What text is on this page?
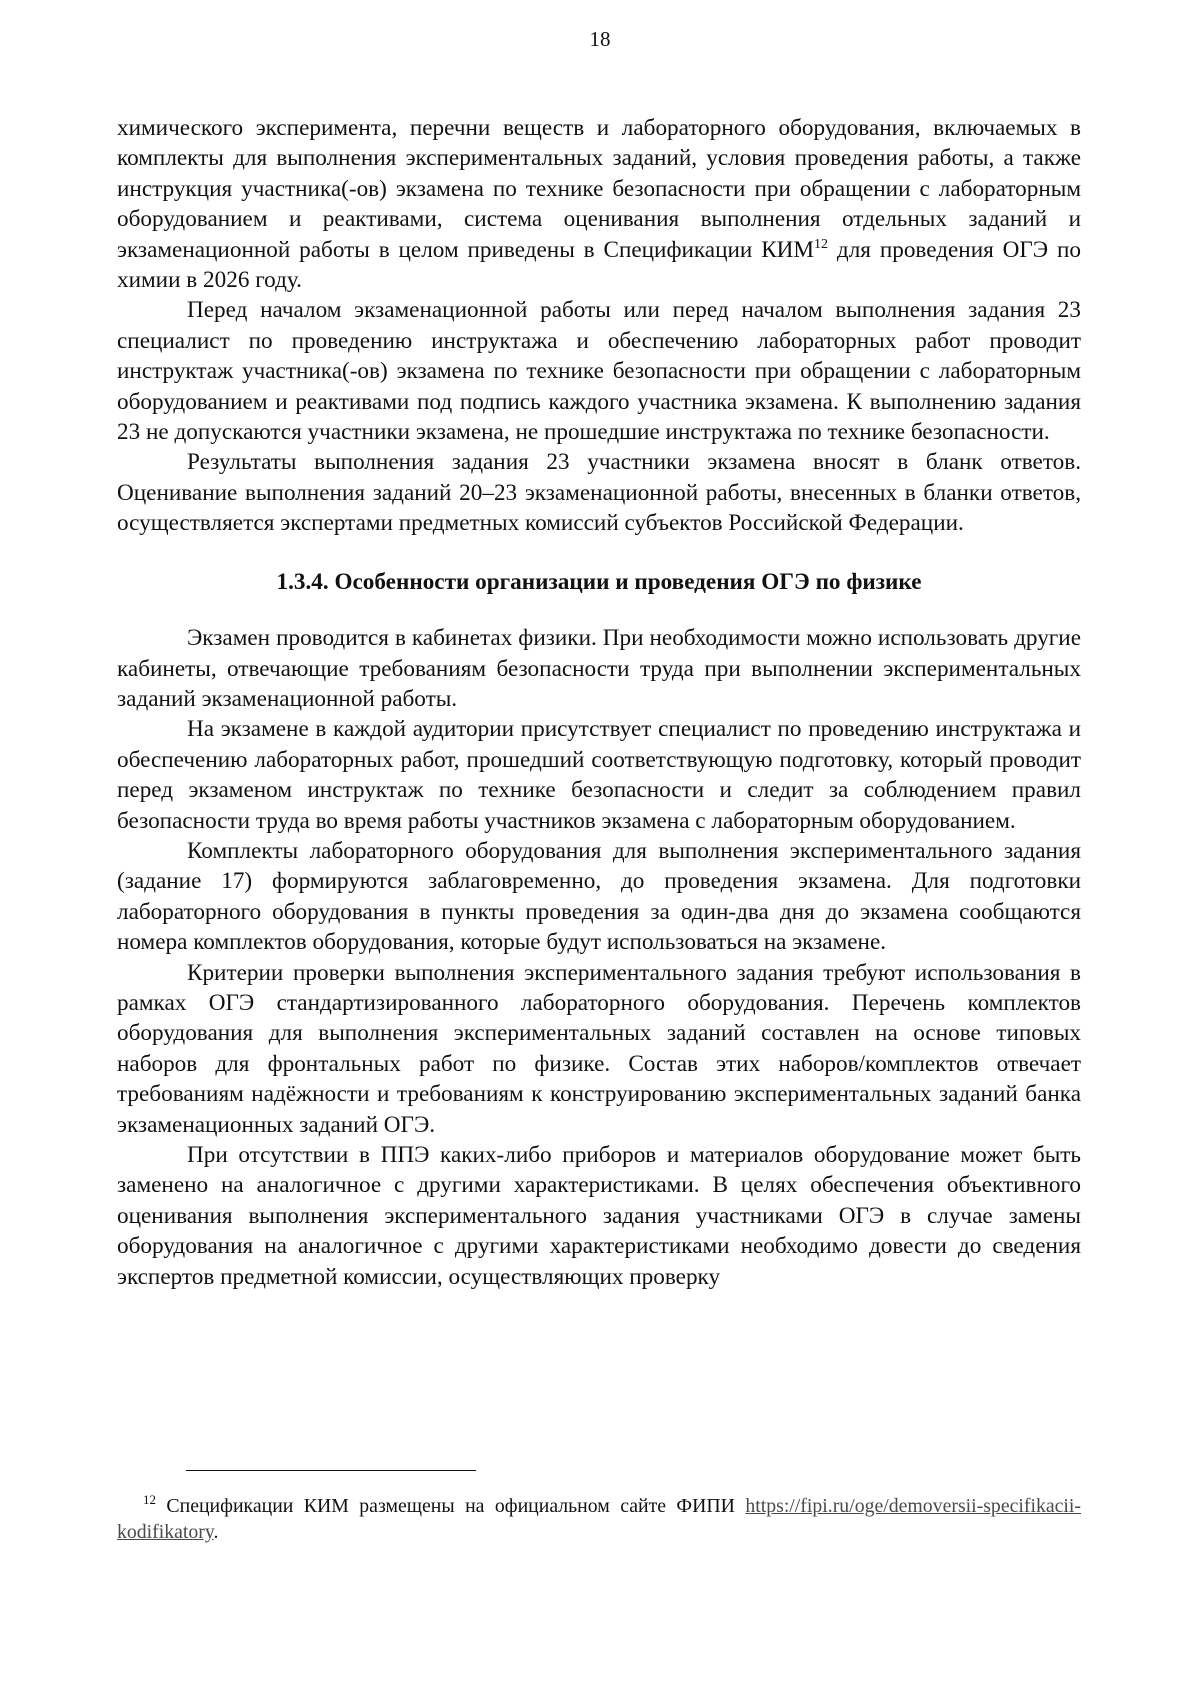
18

химического эксперимента, перечни веществ и лабораторного оборудования, включаемых в комплекты для выполнения экспериментальных заданий, условия проведения работы, а также инструкция участника(-ов) экзамена по технике безопасности при обращении с лабораторным оборудованием и реактивами, система оценивания выполнения отдельных заданий и экзаменационной работы в целом приведены в Спецификации КИМ$^{12}$ для проведения ОГЭ по химии в 2026 году.

Перед началом экзаменационной работы или перед началом выполнения задания 23 специалист по проведению инструктажа и обеспечению лабораторных работ проводит инструктаж участника(-ов) экзамена по технике безопасности при обращении с лабораторным оборудованием и реактивами под подпись каждого участника экзамена. К выполнению задания 23 не допускаются участники экзамена, не прошедшие инструктажа по технике безопасности.

Результаты выполнения задания 23 участники экзамена вносят в бланк ответов. Оценивание выполнения заданий 20–23 экзаменационной работы, внесенных в бланки ответов, осуществляется экспертами предметных комиссий субъектов Российской Федерации.

1.3.4. Особенности организации и проведения ОГЭ по физике

Экзамен проводится в кабинетах физики. При необходимости можно использовать другие кабинеты, отвечающие требованиям безопасности труда при выполнении экспериментальных заданий экзаменационной работы.

На экзамене в каждой аудитории присутствует специалист по проведению инструктажа и обеспечению лабораторных работ, прошедший соответствующую подготовку, который проводит перед экзаменом инструктаж по технике безопасности и следит за соблюдением правил безопасности труда во время работы участников экзамена с лабораторным оборудованием.

Комплекты лабораторного оборудования для выполнения экспериментального задания (задание 17) формируются заблаговременно, до проведения экзамена. Для подготовки лабораторного оборудования в пункты проведения за один-два дня до экзамена сообщаются номера комплектов оборудования, которые будут использоваться на экзамене.

Критерии проверки выполнения экспериментального задания требуют использования в рамках ОГЭ стандартизированного лабораторного оборудования. Перечень комплектов оборудования для выполнения экспериментальных заданий составлен на основе типовых наборов для фронтальных работ по физике. Состав этих наборов/комплектов отвечает требованиям надёжности и требованиям к конструированию экспериментальных заданий банка экзаменационных заданий ОГЭ.

При отсутствии в ППЭ каких-либо приборов и материалов оборудование может быть заменено на аналогичное с другими характеристиками. В целях обеспечения объективного оценивания выполнения экспериментального задания участниками ОГЭ в случае замены оборудования на аналогичное с другими характеристиками необходимо довести до сведения экспертов предметной комиссии, осуществляющих проверку

$^{12}$ Спецификации КИМ размещены на официальном сайте ФИПИ https://fipi.ru/oge/demoversii-specifikacii-kodifikatory.
